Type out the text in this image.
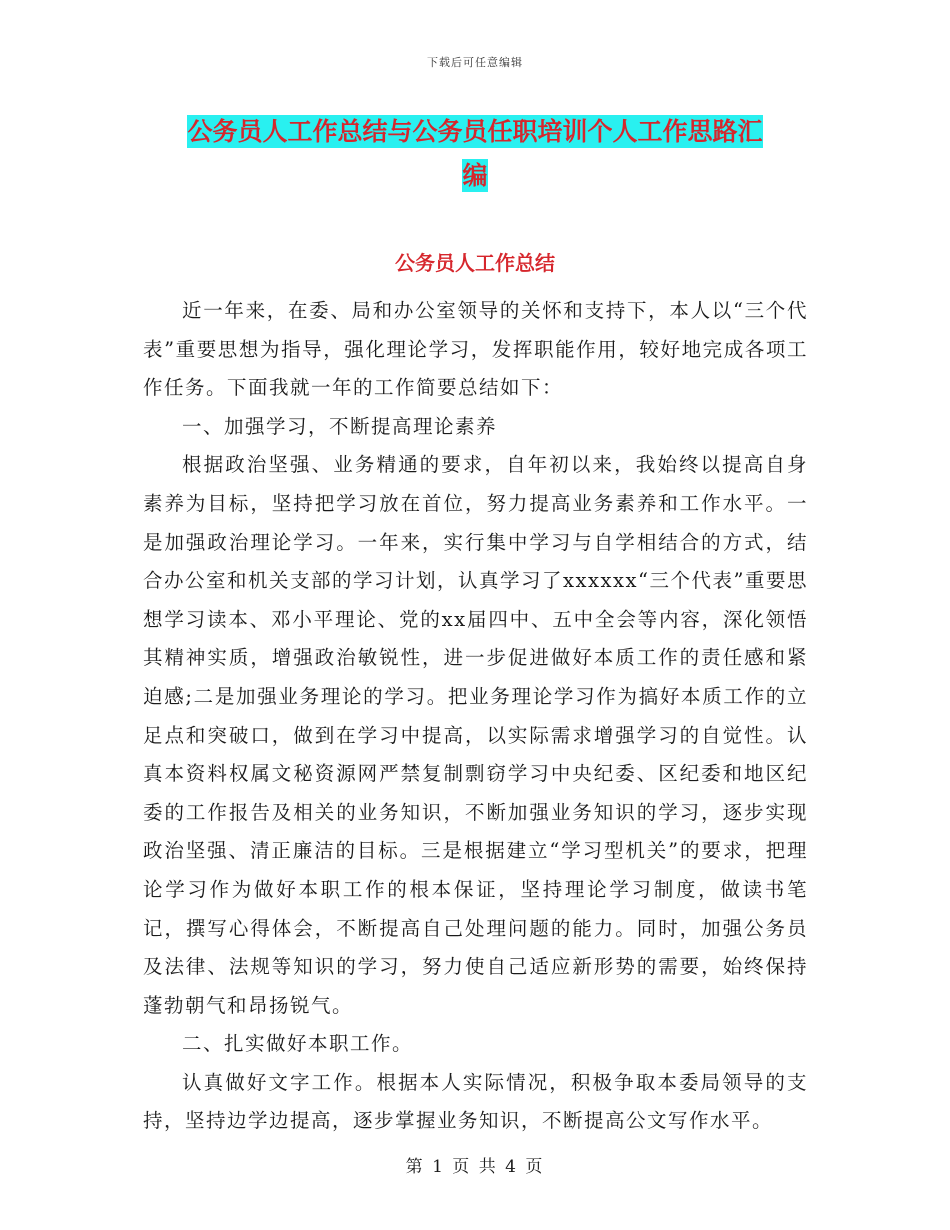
下载后可任意编辑
公务员人工作总结与公务员任职培训个人工作思路汇
编
公务员人工作总结

近一年来，在委、局和办公室领导的关怀和支持下，本人以“三个代表”重要思想为指导，强化理论学习，发挥职能作用，较好地完成各项工作任务。下面我就一年的工作简要总结如下：

一、加强学习，不断提高理论素养

根据政治坚强、业务精通的要求，自年初以来，我始终以提高自身素养为目标，坚持把学习放在首位，努力提高业务素养和工作水平。一是加强政治理论学习。一年来，实行集中学习与自学相结合的方式，结合办公室和机关支部的学习计划，认真学习了xxxxxx“三个代表”重要思想学习读本、邓小平理论、党的xx届四中、五中全会等内容，深化领悟其精神实质，增强政治敏锐性，进一步促进做好本质工作的责任感和紧迫感;二是加强业务理论的学习。把业务理论学习作为搞好本质工作的立足点和突破口，做到在学习中提高，以实际需求增强学习的自觉性。认真本资料权属文秘资源网严禁复制剽窃学习中央纪委、区纪委和地区纪委的工作报告及相关的业务知识，不断加强业务知识的学习，逐步实现政治坚强、清正廉洁的目标。三是根据建立“学习型机关”的要求，把理论学习作为做好本职工作的根本保证，坚持理论学习制度，做读书笔记，撰写心得体会，不断提高自己处理问题的能力。同时，加强公务员及法律、法规等知识的学习，努力使自己适应新形势的需要，始终保持蓬勃朝气和昂扬锐气。

二、扎实做好本职工作。

认真做好文字工作。根据本人实际情况，积极争取本委局领导的支持，坚持边学边提高，逐步掌握业务知识，不断提高公文写作水平。

第 1 页 共 4 页
